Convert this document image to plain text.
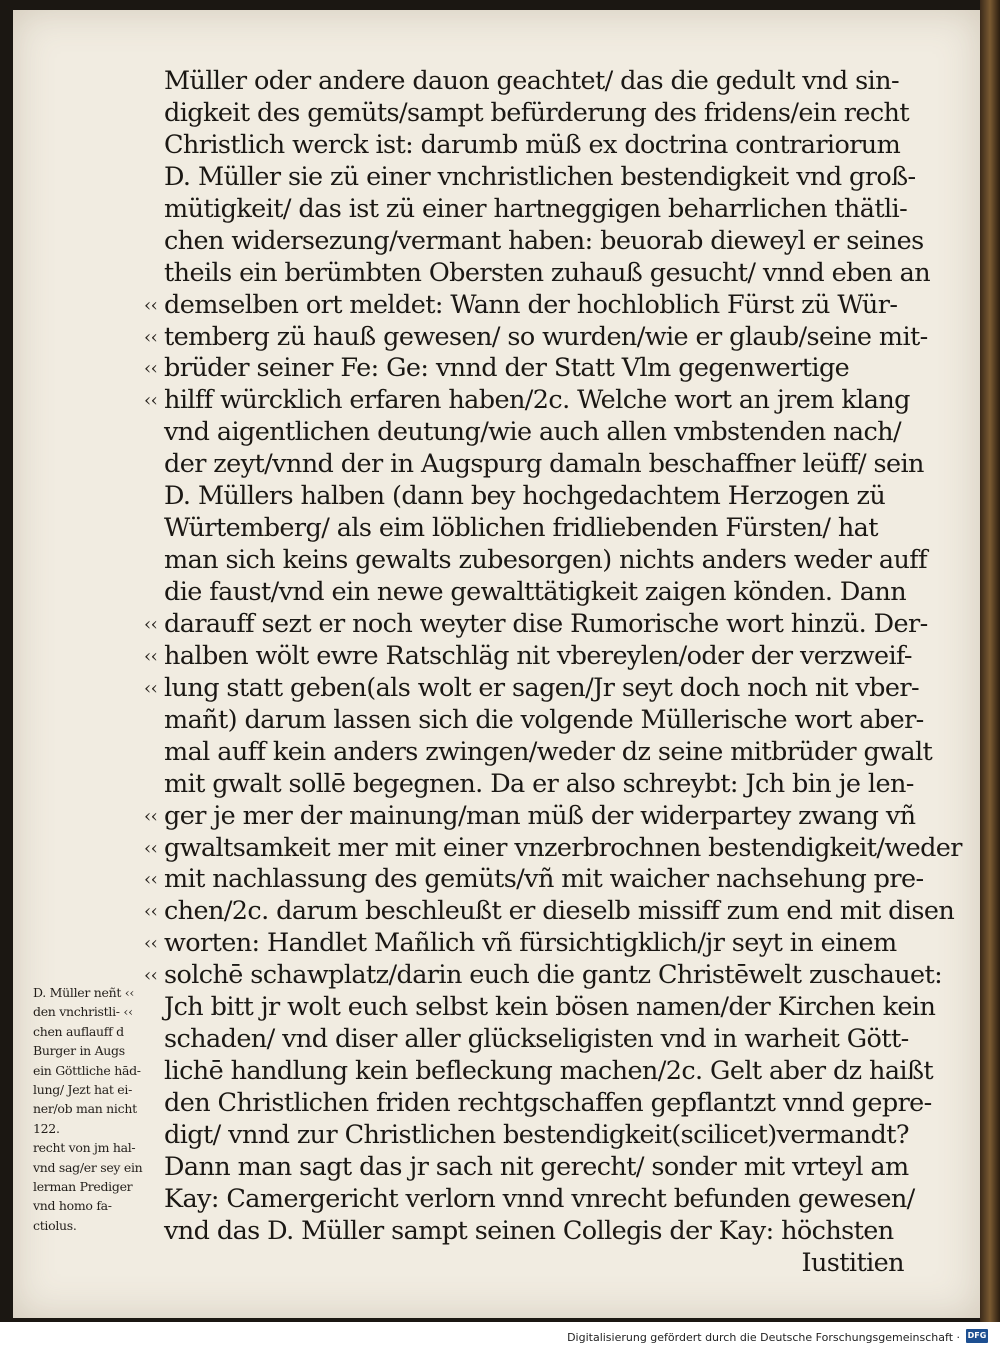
Müller oder andere dauon geachtet/ das die gedult vnd sin-
digkeit des gemüts/sampt befürderung des fridens/ein recht
Christlich werck ist: darumb müß ex doctrina contrariorum
D. Müller sie zü einer vnchristlichen bestendigkeit vnd groß-
mütigkeit/ das ist zü einer hartneggigen beharrlichen thätli-
chen widersezung/vermant haben: beuorab dieweyl er seines
theils ein berümbten Obersten zuhauß gesucht/ vnnd eben an
‹‹ demselben ort meldet: Wann der hochloblich Fürst zü Wür-
‹‹ temberg zü hauß gewesen/ so wurden/wie er glaub/seine mit-
‹‹ brüder seiner Fe: Ge: vnnd der Statt Vlm gegenwertige
‹‹ hilff würcklich erfaren haben/2c. Welche wort an jrem klang
vnd aigentlichen deutung/wie auch allen vmbstenden nach/
der zeyt/vnnd der in Augspurg damaln beschaffner leüff/ sein
D. Müllers halben (dann bey hochgedachtem Herzogen zü
Würtemberg/ als eim löblichen fridliebenden Fürsten/ hat
man sich keins gewalts zubesorgen) nichts anders weder auff
die faust/vnd ein newe gewalttätigkeit zaigen könden. Dann
‹‹ darauff sezt er noch weyter dise Rumorische wort hinzü. Der-
‹‹ halben wölt ewre Ratschläg nit vbereylen/oder der verzweif-
‹‹ lung statt geben(als wolt er sagen/Jr seyt doch noch nit vber-
mañt) darum lassen sich die volgende Müllerische wort aber-
mal auff kein anders zwingen/weder dz seine mitbrüder gwalt
mit gwalt sollē begegnen. Da er also schreybt: Jch bin je len-
‹‹ ger je mer der mainung/man müß der widerpartey zwang vñ
‹‹ gwaltsamkeit mer mit einer vnzerbrochnen bestendigkeit/weder
‹‹ mit nachlassung des gemüts/vñ mit waicher nachsehung pre-
‹‹ chen/2c. darum beschleußt er dieselb missiff zum end mit disen
‹‹ worten: Handlet Mañlich vñ fürsichtigklich/jr seyt in einem
‹‹ solchē schawplatz/darin euch die gantz Christēwelt zuschauet:
Jch bitt jr wolt euch selbst kein bösen namen/der Kirchen kein
schaden/ vnd diser aller glückseligisten vnd in warheit Gött-
lichē handlung kein befleckung machen/2c. Gelt aber dz haißt
den Christlichen friden rechtgschaffen gepflantzt vnnd gepre-
digt/ vnnd zur Christlichen bestendigkeit(scilicet)vermandt?
Dann man sagt das jr sach nit gerecht/ sonder mit vrteyl am
Kay: Camergericht verlorn vnnd vnrecht befunden gewesen/
vnd das D. Müller sampt seinen Collegis der Kay: höchsten
Iustitien
D. Müller neñt ‹‹
den vnchristli- ‹‹
chen auflauff d
Burger in Augs
ein Göttliche hād-
lung/ Jezt hat ei-
ner/ob man nicht
122.
recht von jm hal-
vnd sag/er sey ein
lerman Prediger
vnd homo fa-
ctiolus.
Digitalisierung gefördert durch die Deutsche Forschungsgemeinschaft · DFG
